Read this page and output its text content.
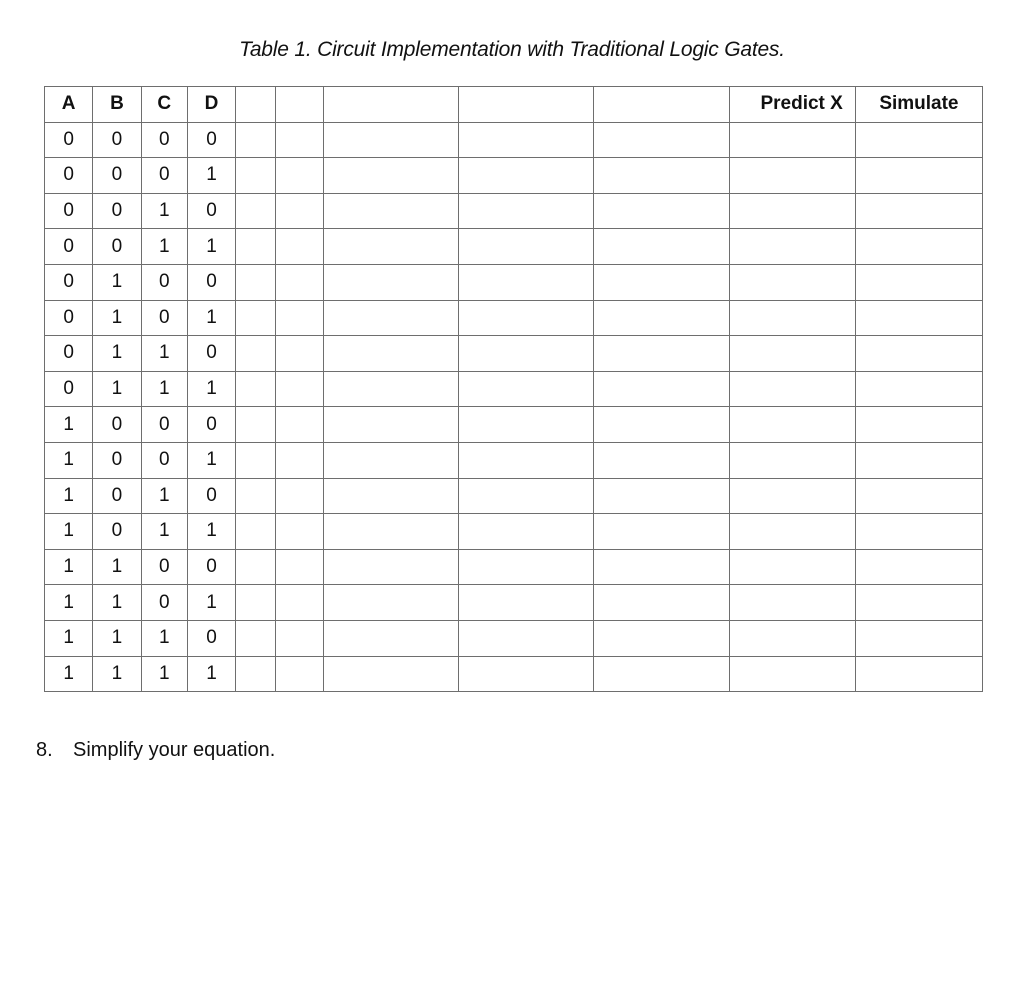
Table 1. Circuit Implementation with Traditional Logic Gates.
A	B	C	D						Predict X	Simulate
0	0	0	0							
0	0	0	1							
0	0	1	0							
0	0	1	1							
0	1	0	0							
0	1	0	1							
0	1	1	0							
0	1	1	1							
1	0	0	0							
1	0	0	1							
1	0	1	0							
1	0	1	1							
1	1	0	0							
1	1	0	1							
1	1	1	0							
1	1	1	1							
8. Simplify your equation.
